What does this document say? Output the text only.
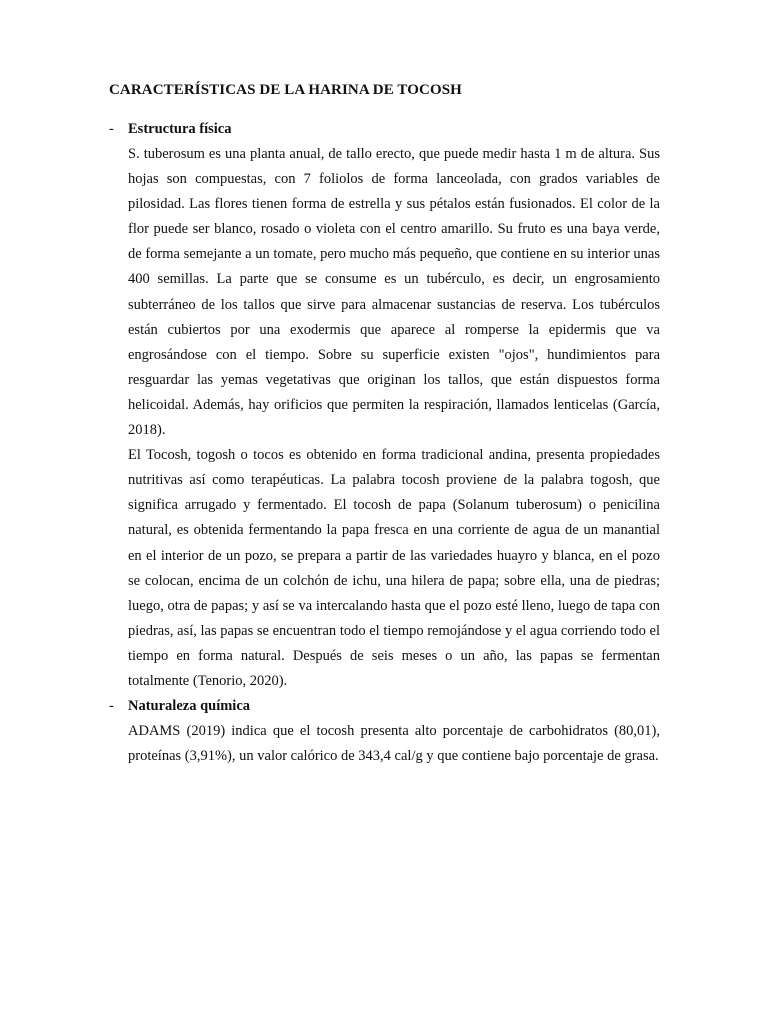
CARACTERÍSTICAS DE LA HARINA DE TOCOSH
- Estructura física

S. tuberosum es una planta anual, de tallo erecto, que puede medir hasta 1 m de altura. Sus hojas son compuestas, con 7 foliolos de forma lanceolada, con grados variables de pilosidad. Las flores tienen forma de estrella y sus pétalos están fusionados. El color de la flor puede ser blanco, rosado o violeta con el centro amarillo. Su fruto es una baya verde, de forma semejante a un tomate, pero mucho más pequeño, que contiene en su interior unas 400 semillas. La parte que se consume es un tubérculo, es decir, un engrosamiento subterráneo de los tallos que sirve para almacenar sustancias de reserva. Los tubérculos están cubiertos por una exodermis que aparece al romperse la epidermis que va engrosándose con el tiempo. Sobre su superficie existen "ojos", hundimientos para resguardar las yemas vegetativas que originan los tallos, que están dispuestos forma helicoidal. Además, hay orificios que permiten la respiración, llamados lenticelas (García, 2018).

El Tocosh, togosh o tocos es obtenido en forma tradicional andina, presenta propiedades nutritivas así como terapéuticas. La palabra tocosh proviene de la palabra togosh, que significa arrugado y fermentado. El tocosh de papa (Solanum tuberosum) o penicilina natural, es obtenida fermentando la papa fresca en una corriente de agua de un manantial en el interior de un pozo, se prepara a partir de las variedades huayro y blanca, en el pozo se colocan, encima de un colchón de ichu, una hilera de papa; sobre ella, una de piedras; luego, otra de papas; y así se va intercalando hasta que el pozo esté lleno, luego de tapa con piedras, así, las papas se encuentran todo el tiempo remojándose y el agua corriendo todo el tiempo en forma natural. Después de seis meses o un año, las papas se fermentan totalmente (Tenorio, 2020).

- Naturaleza química

ADAMS (2019) indica que el tocosh presenta alto porcentaje de carbohidratos (80,01), proteínas (3,91%), un valor calórico de 343,4 cal/g y que contiene bajo porcentaje de grasa.
